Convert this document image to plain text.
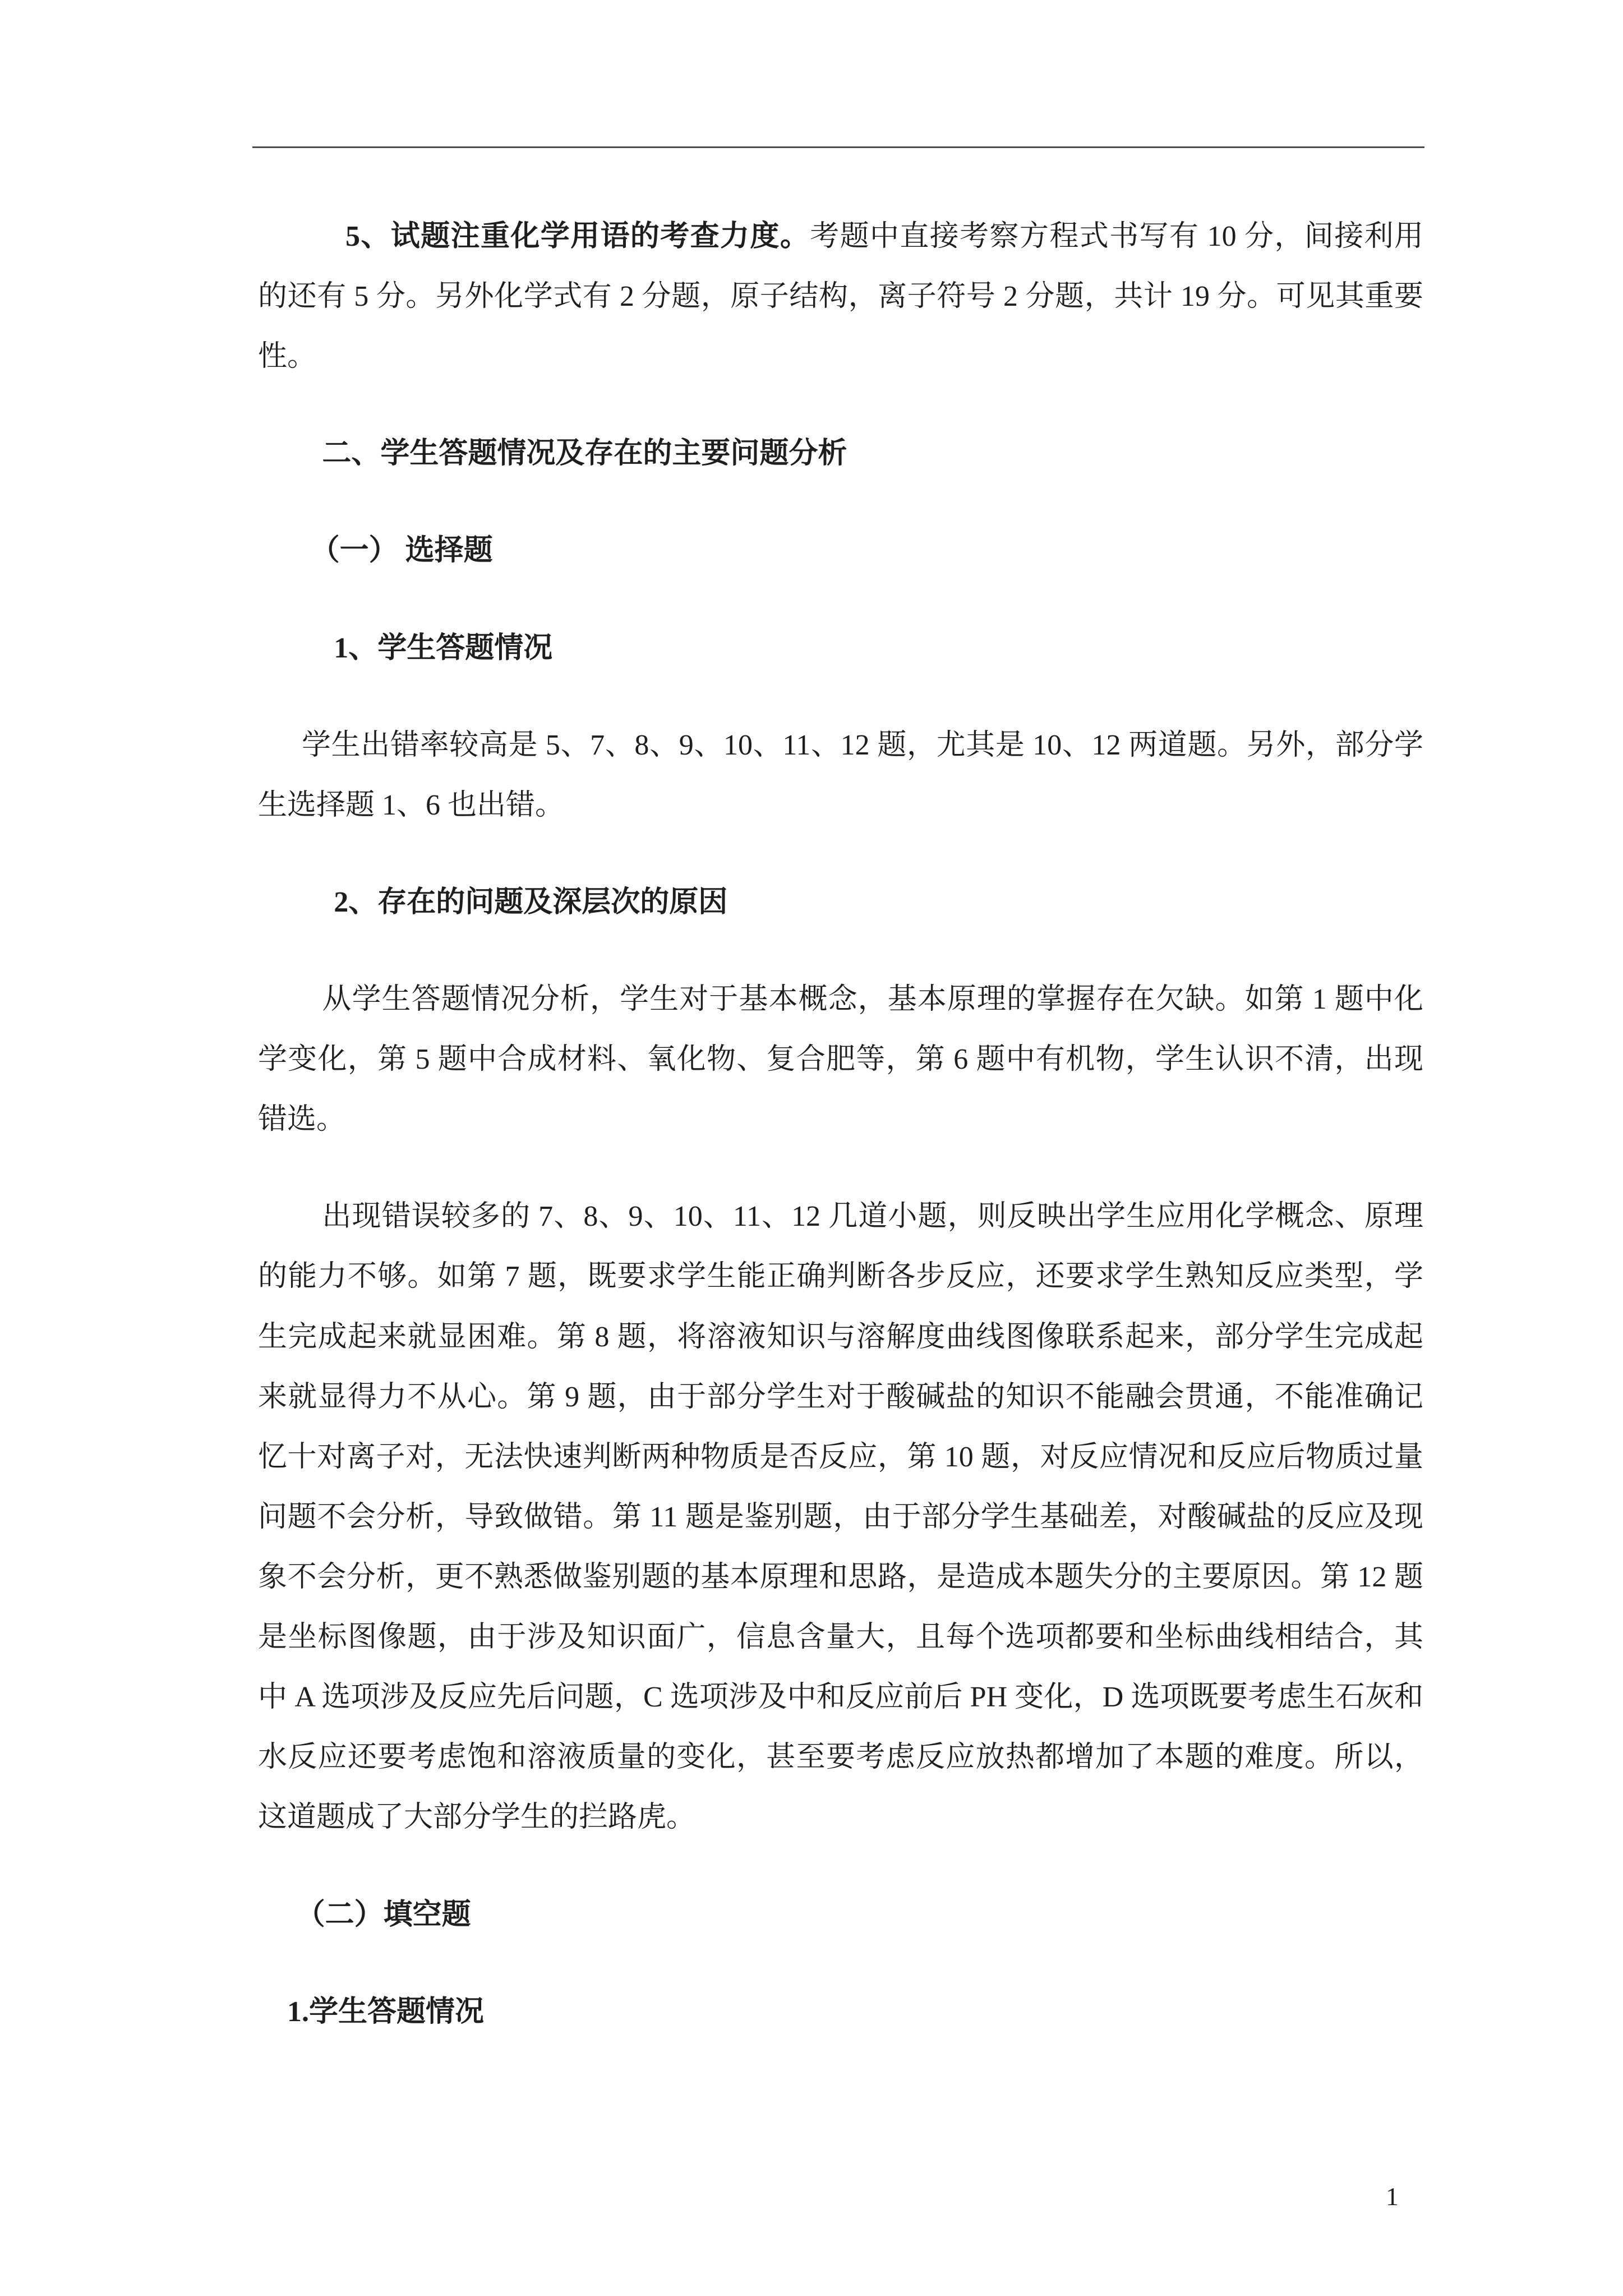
5、试题注重化学用语的考查力度。考题中直接考察方程式书写有 10 分，间接利用的还有 5 分。另外化学式有 2 分题，原子结构，离子符号 2 分题，共计 19 分。可见其重要性。

二、学生答题情况及存在的主要问题分析
（一） 选择题
1、学生答题情况

学生出错率较高是 5、7、8、9、10、11、12 题，尤其是 10、12 两道题。另外，部分学生选择题 1、6 也出错。

2、存在的问题及深层次的原因

从学生答题情况分析，学生对于基本概念，基本原理的掌握存在欠缺。如第 1 题中化学变化，第 5 题中合成材料、氧化物、复合肥等，第 6 题中有机物，学生认识不清，出现错选。

出现错误较多的 7、8、9、10、11、12 几道小题，则反映出学生应用化学概念、原理的能力不够。如第 7 题，既要求学生能正确判断各步反应，还要求学生熟知反应类型，学生完成起来就显困难。第 8 题，将溶液知识与溶解度曲线图像联系起来，部分学生完成起来就显得力不从心。第 9 题，由于部分学生对于酸碱盐的知识不能融会贯通，不能准确记忆十对离子对，无法快速判断两种物质是否反应，第 10 题，对反应情况和反应后物质过量问题不会分析，导致做错。第 11 题是鉴别题，由于部分学生基础差，对酸碱盐的反应及现象不会分析，更不熟悉做鉴别题的基本原理和思路，是造成本题失分的主要原因。第 12 题是坐标图像题，由于涉及知识面广，信息含量大，且每个选项都要和坐标曲线相结合，其中 A 选项涉及反应先后问题，C 选项涉及中和反应前后 PH 变化，D 选项既要考虑生石灰和水反应还要考虑饱和溶液质量的变化，甚至要考虑反应放热都增加了本题的难度。所以，这道题成了大部分学生的拦路虎。

（二）填空题
1.学生答题情况
1
